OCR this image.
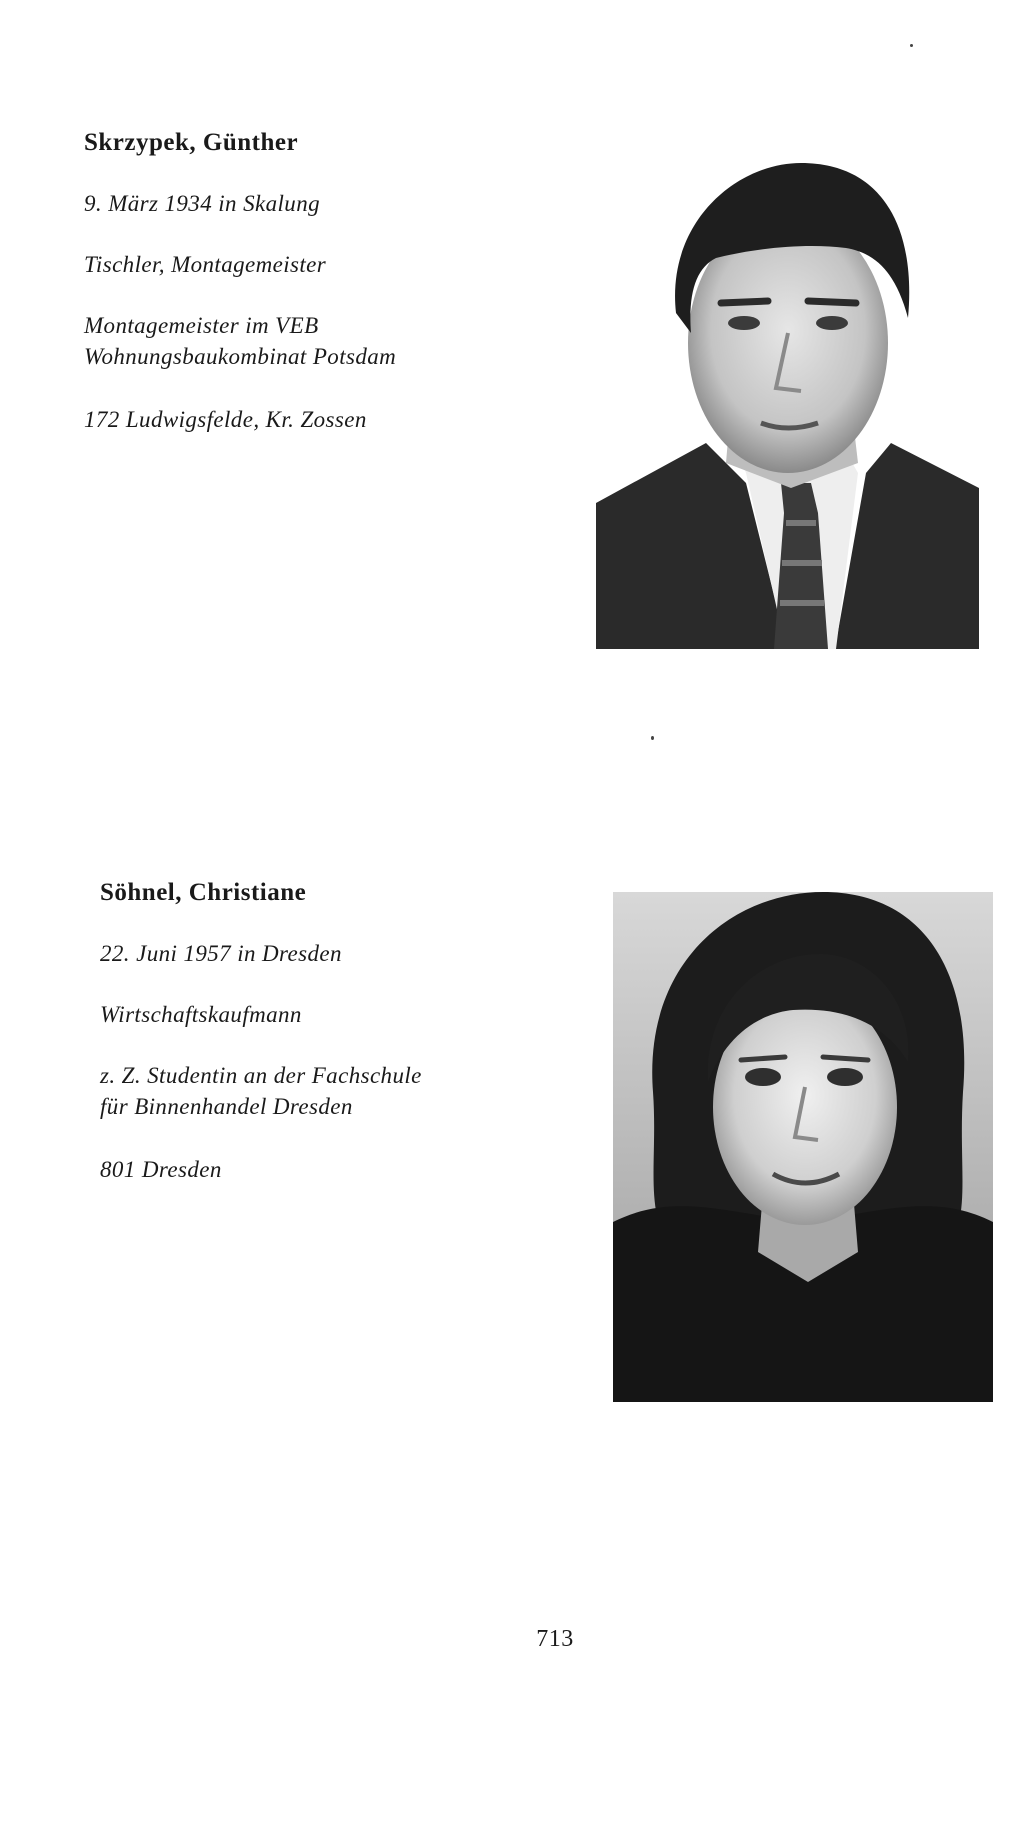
Skrzypek, Günther

9. März 1934 in Skalung

Tischler, Montagemeister

Montagemeister im VEB

Wohnungsbaukombinat Potsdam

172 Ludwigsfelde, Kr. Zossen

Söhnel, Christiane

22. Juni 1957 in Dresden

Wirtschaftskaufmann

z. Z. Studentin an der Fachschule

für Binnenhandel Dresden

801 Dresden

713
